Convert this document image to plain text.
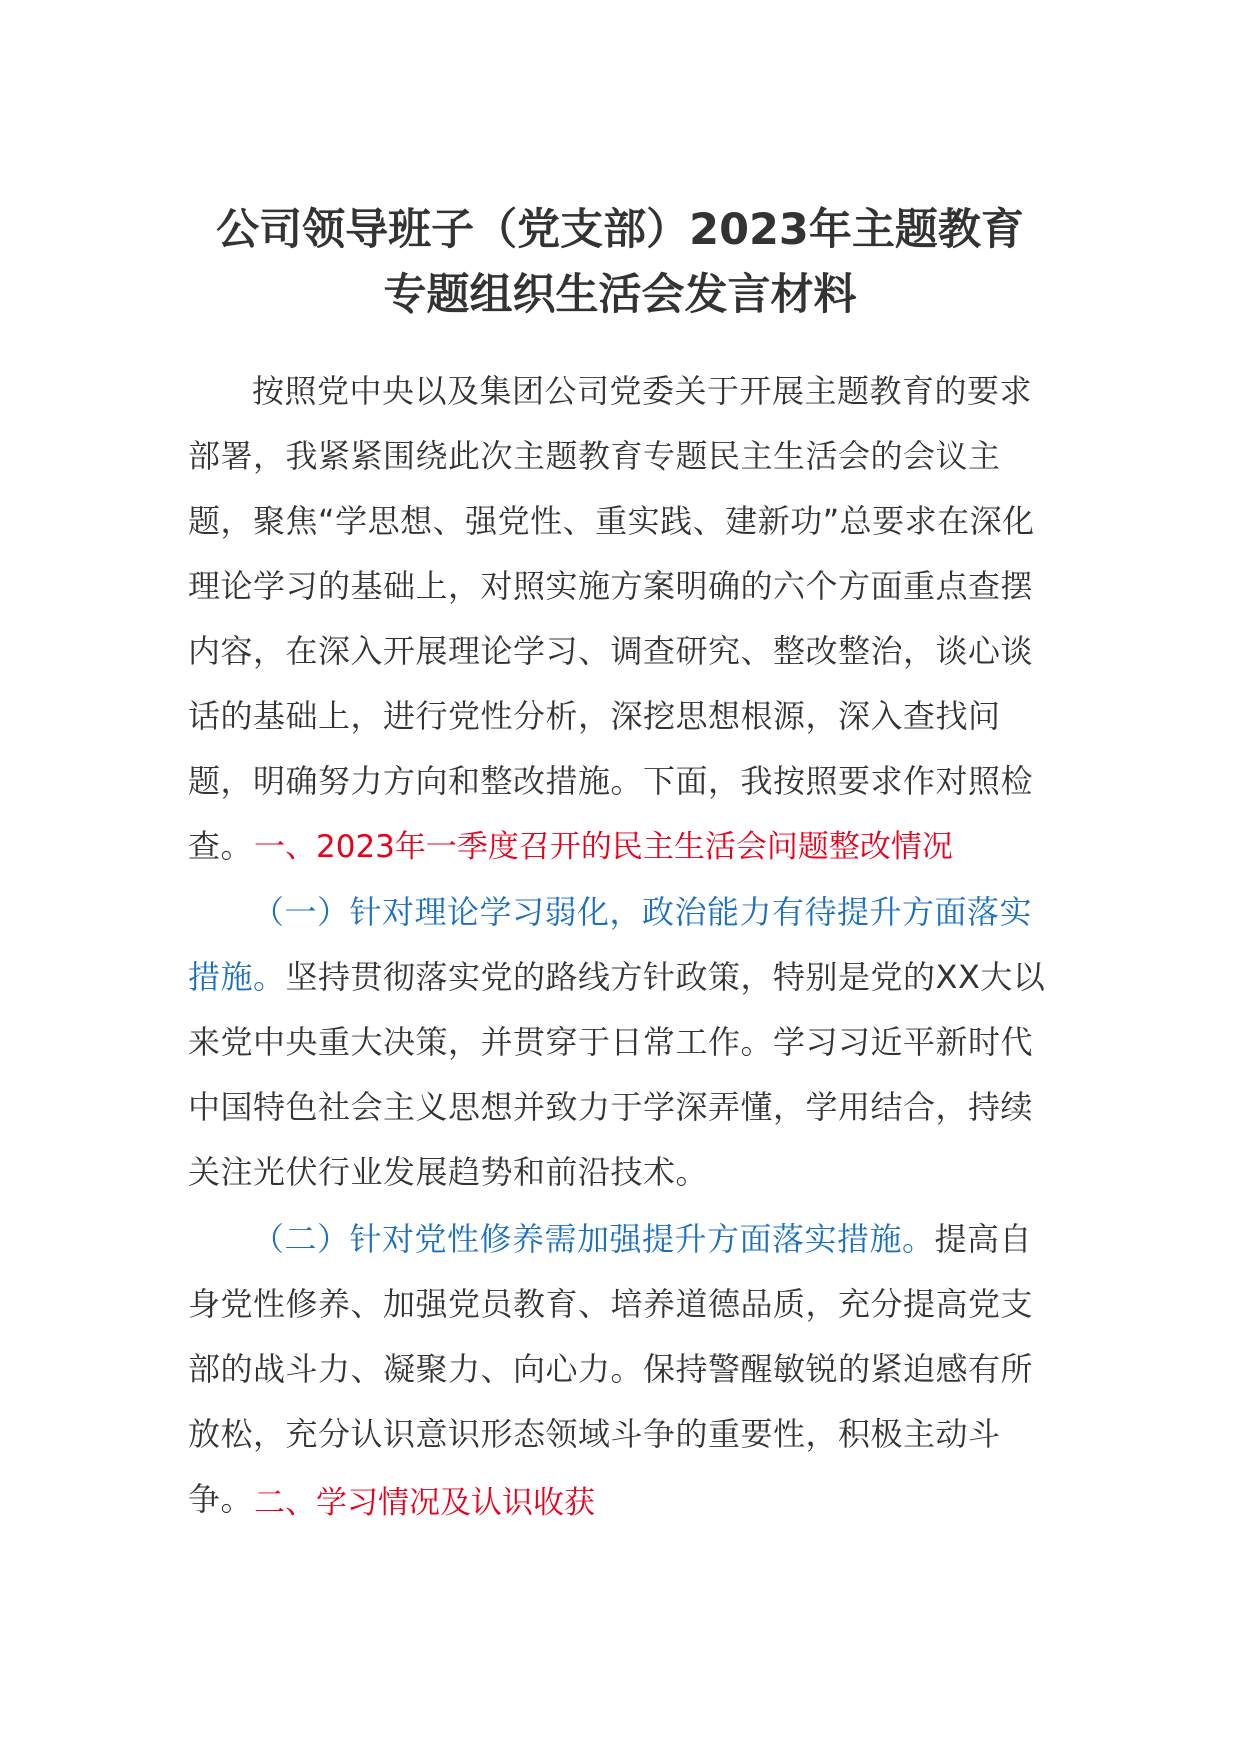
公司领导班子（党支部）2023年主题教育
专题组织生活会发言材料
按照党中央以及集团公司党委关于开展主题教育的要求部署，我紧紧围绕此次主题教育专题民主生活会的会议主题，聚焦“学思想、强党性、重实践、建新功”总要求在深化理论学习的基础上，对照实施方案明确的六个方面重点查摆内容，在深入开展理论学习、调查研究、整改整治，谈心谈话的基础上，进行党性分析，深挖思想根源，深入查找问题，明确努力方向和整改措施。下面，我按照要求作对照检查。 一、2023年一季度召开的民主生活会问题整改情况
（一）针对理论学习弱化，政治能力有待提升方面落实措施。坚持贯彻落实党的路线方针政策，特别是党的XX大以来党中央重大决策，并贯穿于日常工作。学习习近平新时代中国特色社会主义思想并致力于学深弄懂，学用结合，持续关注光伏行业发展趋势和前沿技术。
（二）针对党性修养需加强提升方面落实措施。提高自身党性修养、加强党员教育、培养道德品质，充分提高党支部的战斗力、凝聚力、向心力。保持警醒敏锐的紧迫感有所放松，充分认识意识形态领域斗争的重要性，积极主动斗争。 二、学习情况及认识收获
